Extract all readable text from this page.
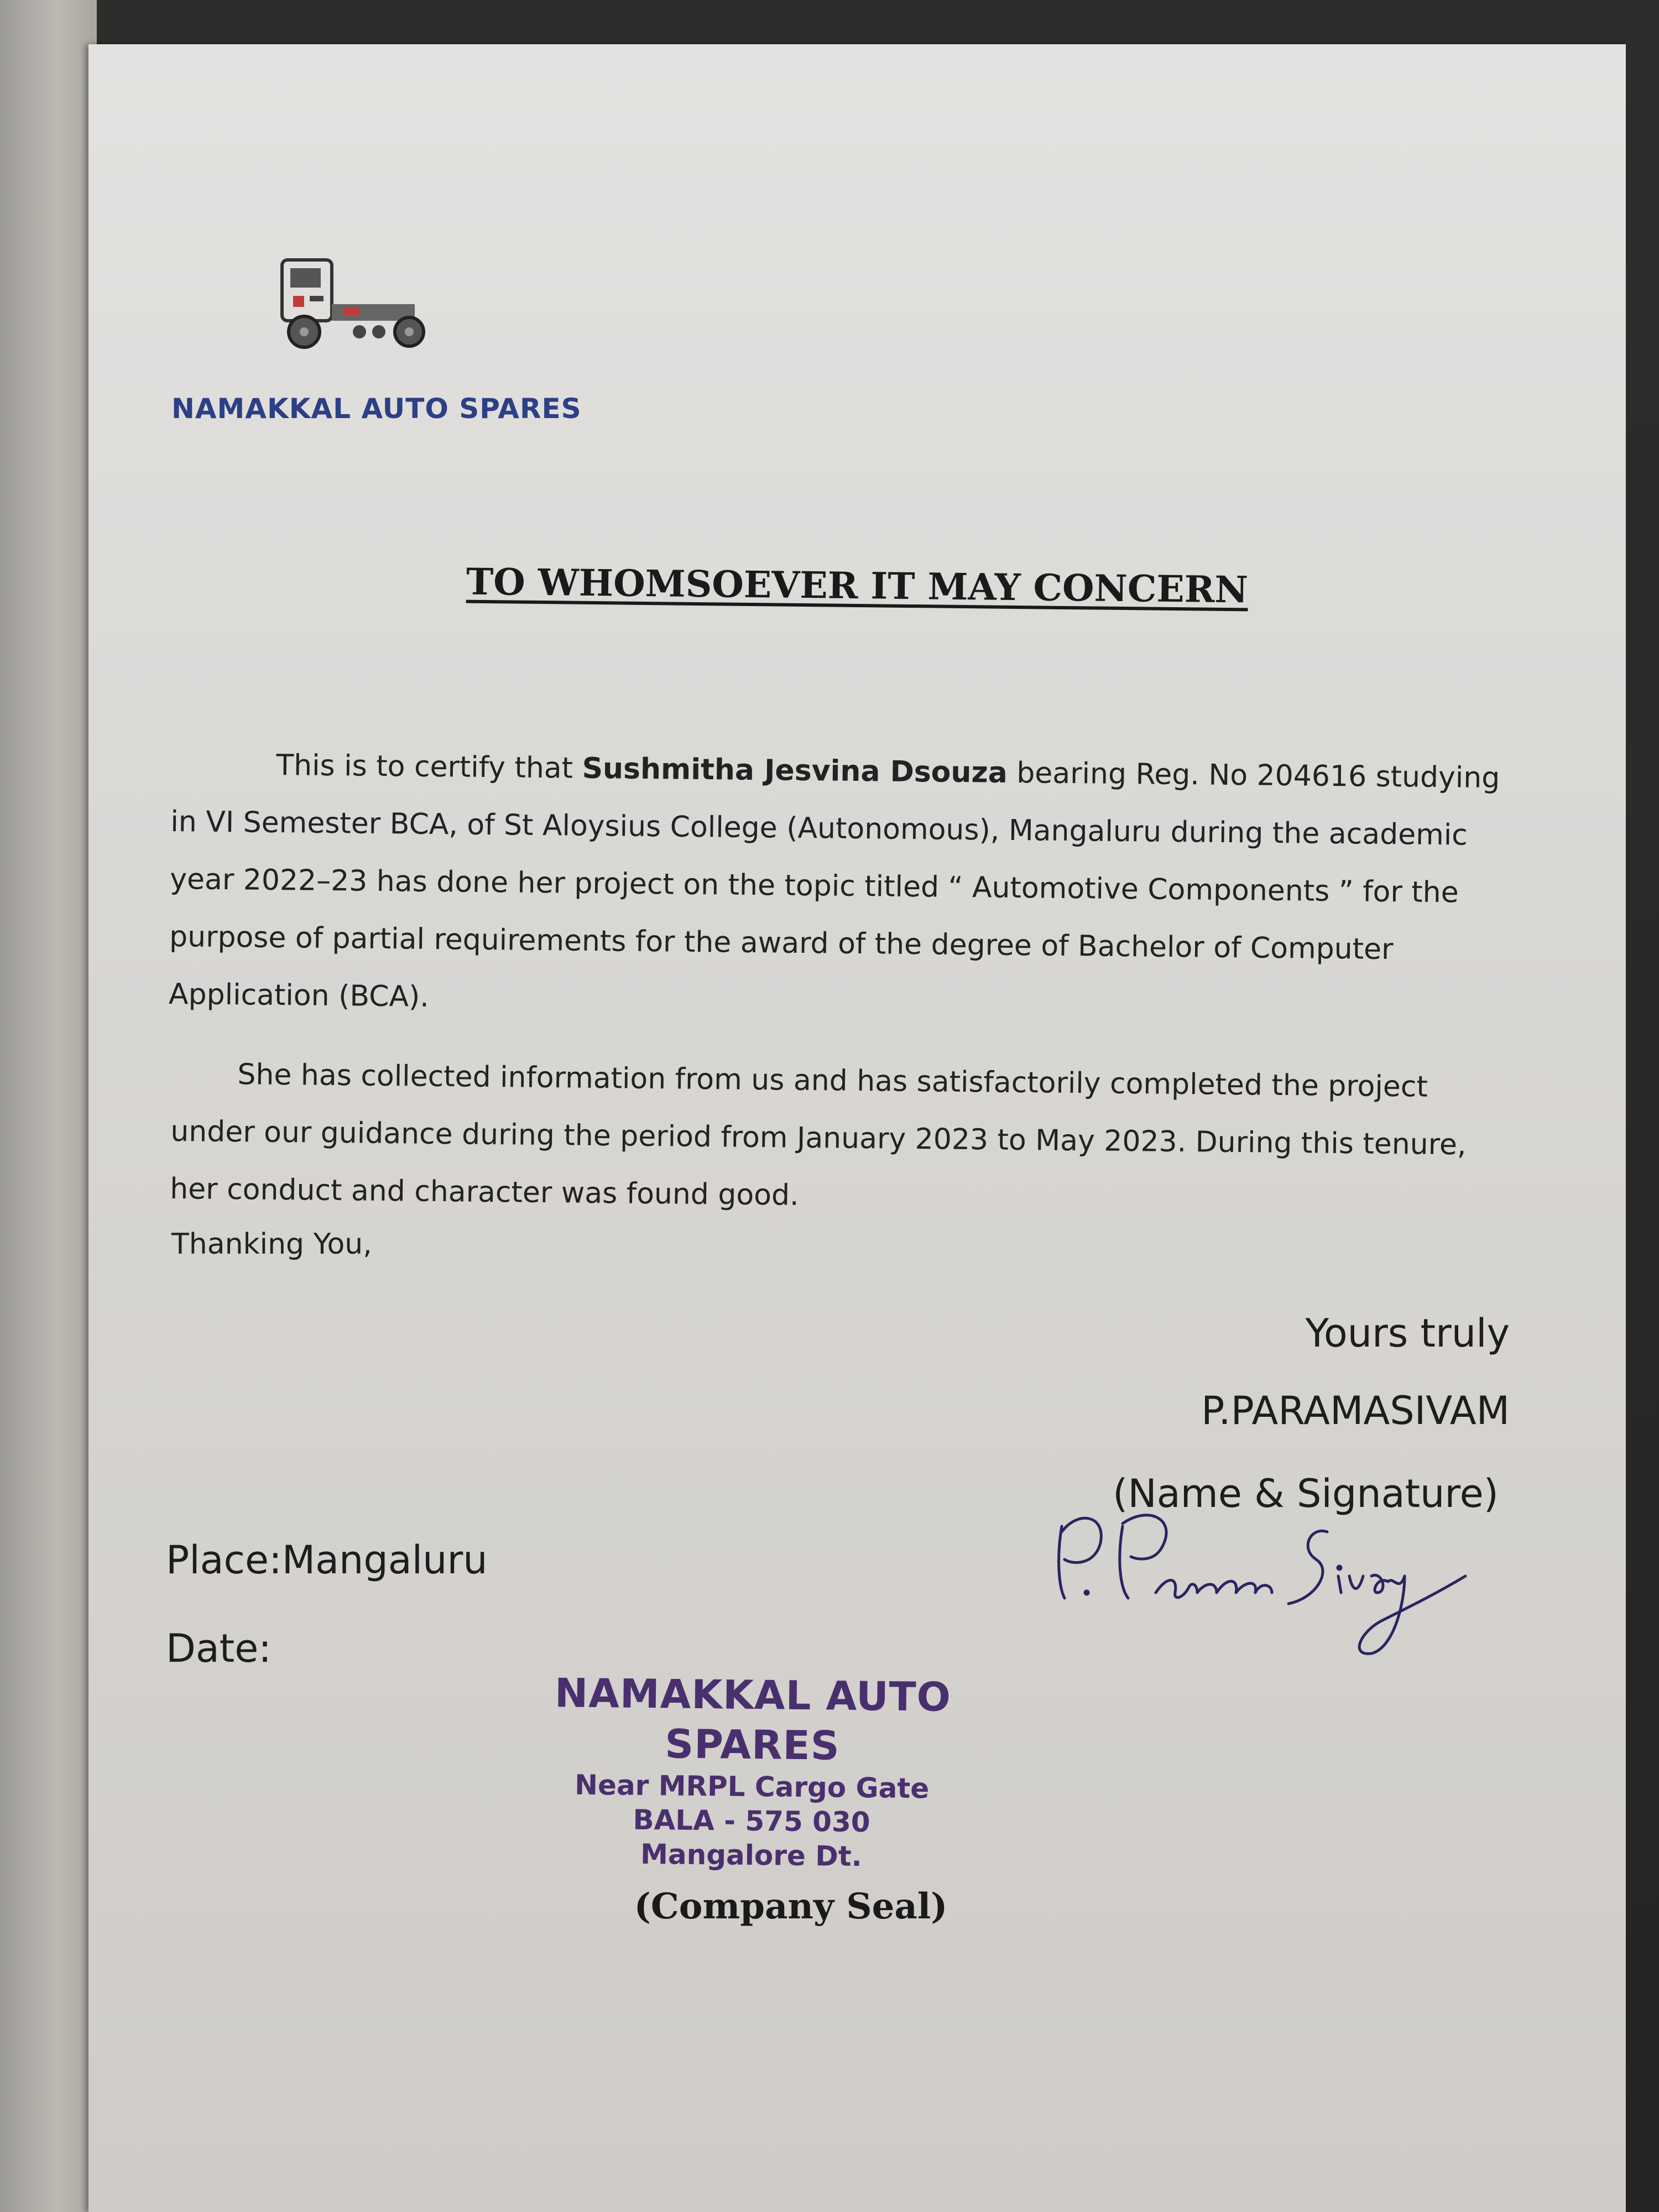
NAMAKKAL AUTO SPARES
TO WHOMSOEVER IT MAY CONCERN
This is to certify that Sushmitha Jesvina Dsouza bearing Reg. No 204616 studying in VI Semester BCA, of St Aloysius College (Autonomous), Mangaluru during the academic year 2022–23 has done her project on the topic titled “ Automotive Components ” for the purpose of partial requirements for the award of the degree of Bachelor of Computer Application (BCA).
She has collected information from us and has satisfactorily completed the project under our guidance during the period from January 2023 to May 2023. During this tenure, her conduct and character was found good.
Thanking You,
Yours truly
P.PARAMASIVAM
(Name & Signature)
Place:Mangaluru
Date:
NAMAKKAL AUTO SPARES
Near MRPL Cargo Gate
BALA - 575 030
Mangalore Dt.
(Company Seal)
